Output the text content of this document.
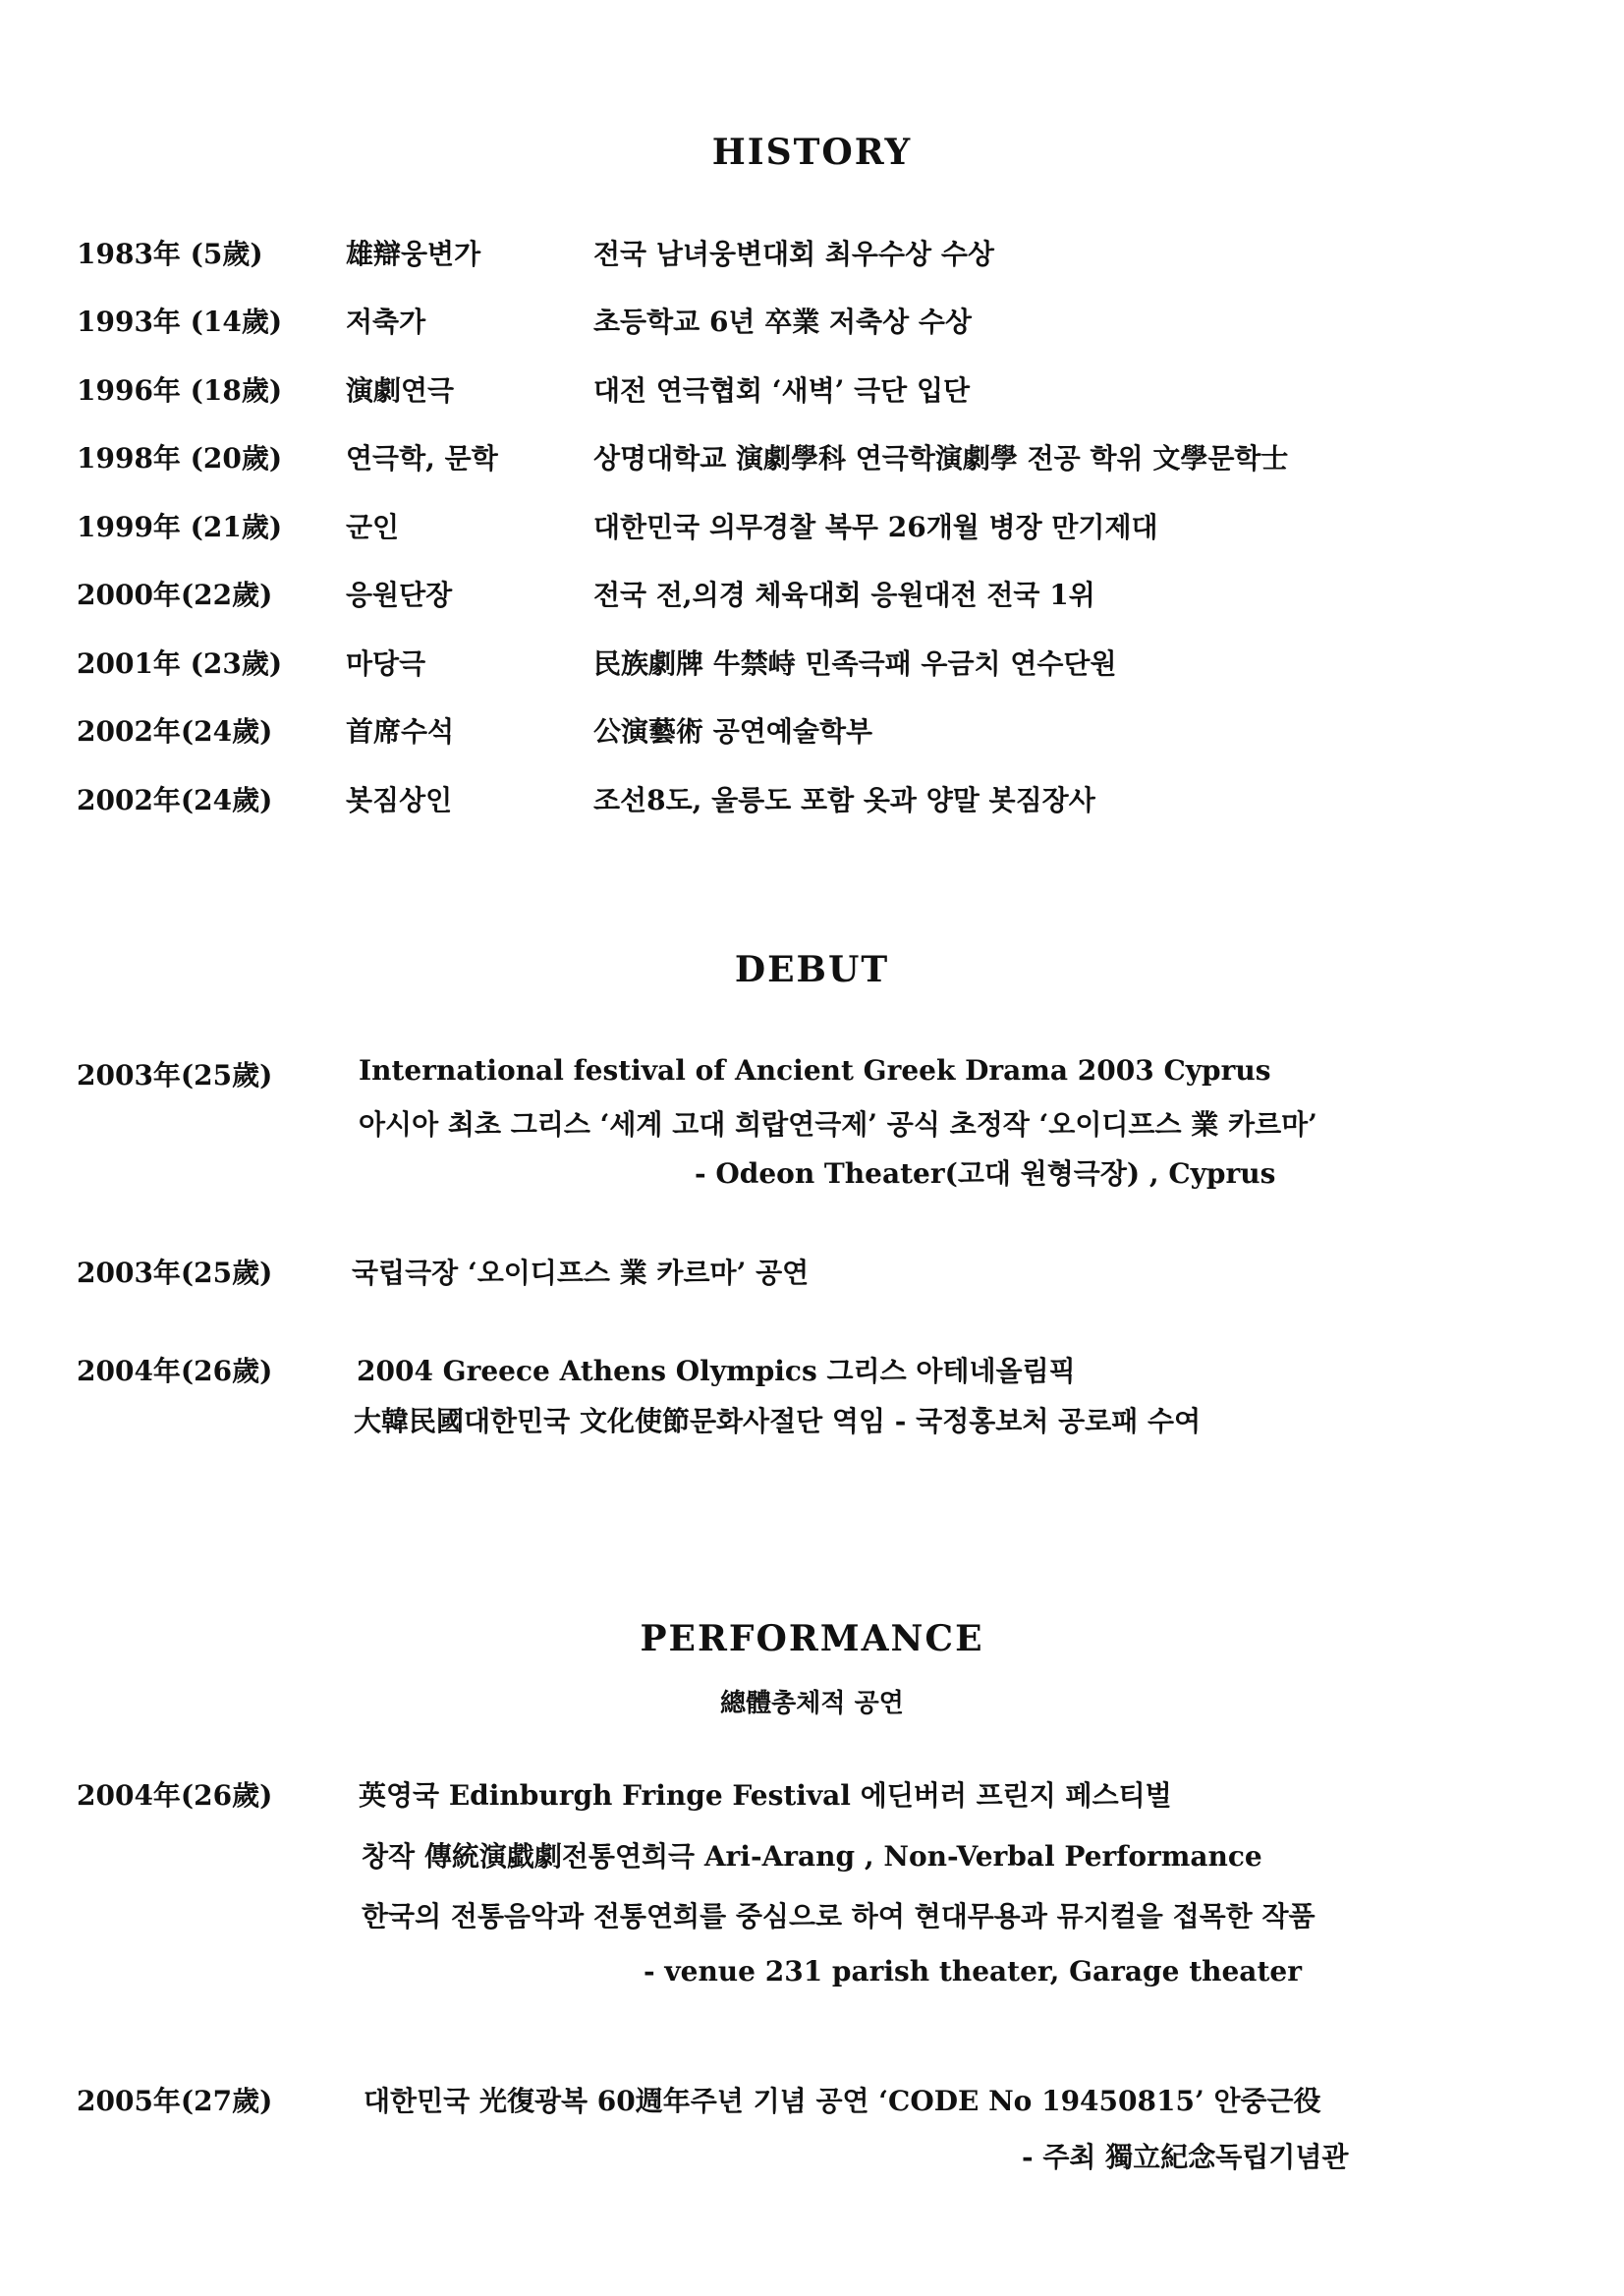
HISTORY
1983年 (5歲)	雄辯웅변가	전국 남녀웅변대회 최우수상 수상
1993年 (14歲) 저축가	초등학교 6년 卒業 저축상 수상
1996年 (18歲) 演劇연극	대전 연극협회 ‘새벽’ 극단 입단
1998年 (20歲) 연극학, 문학	상명대학교 演劇學科 연극학演劇學 전공 학위 文學문학士
1999年 (21歲) 군인	대한민국 의무경찰 복무 26개월 병장 만기제대
2000年(22歲)	응원단장	전국 전,의경 체육대회 응원대전 전국 1위
2001年 (23歲) 마당극	民族劇牌 牛禁峙 민족극패 우금치 연수단원
2002年(24歲)	首席수석	公演藝術 공연예술학부
2002年(24歲)	봇짐상인	조선8도, 울릉도 포함 옷과 양말 봇짐장사
DEBUT
2003年(25歲)	International festival of Ancient Greek Drama 2003 Cyprus
아시아 최초 그리스 ‘세계 고대 희랍연극제’ 공식 초정작 ‘오이디프스 業 카르마’
- Odeon Theater(고대 원형극장) , Cyprus
2003年(25歲)	국립극장 ‘오이디프스 業 카르마’ 공연
2004年(26歲)	2004 Greece Athens Olympics 그리스 아테네올림픽
大韓民國대한민국 文化使節문화사절단 역임 - 국정홍보처 공로패 수여
PERFORMANCE
總體총체적 공연
2004年(26歲)	英영국 Edinburgh Fringe Festival 에딘버러 프린지 페스티벌
창작 傳統演戱劇전통연희극 Ari-Arang , Non-Verbal Performance
한국의 전통음악과 전통연희를 중심으로 하여 현대무용과 뮤지컬을 접목한 작품
- venue 231 parish theater, Garage theater
2005年(27歲)	대한민국 光復광복 60週年주년 기념 공연 ‘CODE No 19450815’ 안중근役
- 주최 獨立紀念독립기념관
